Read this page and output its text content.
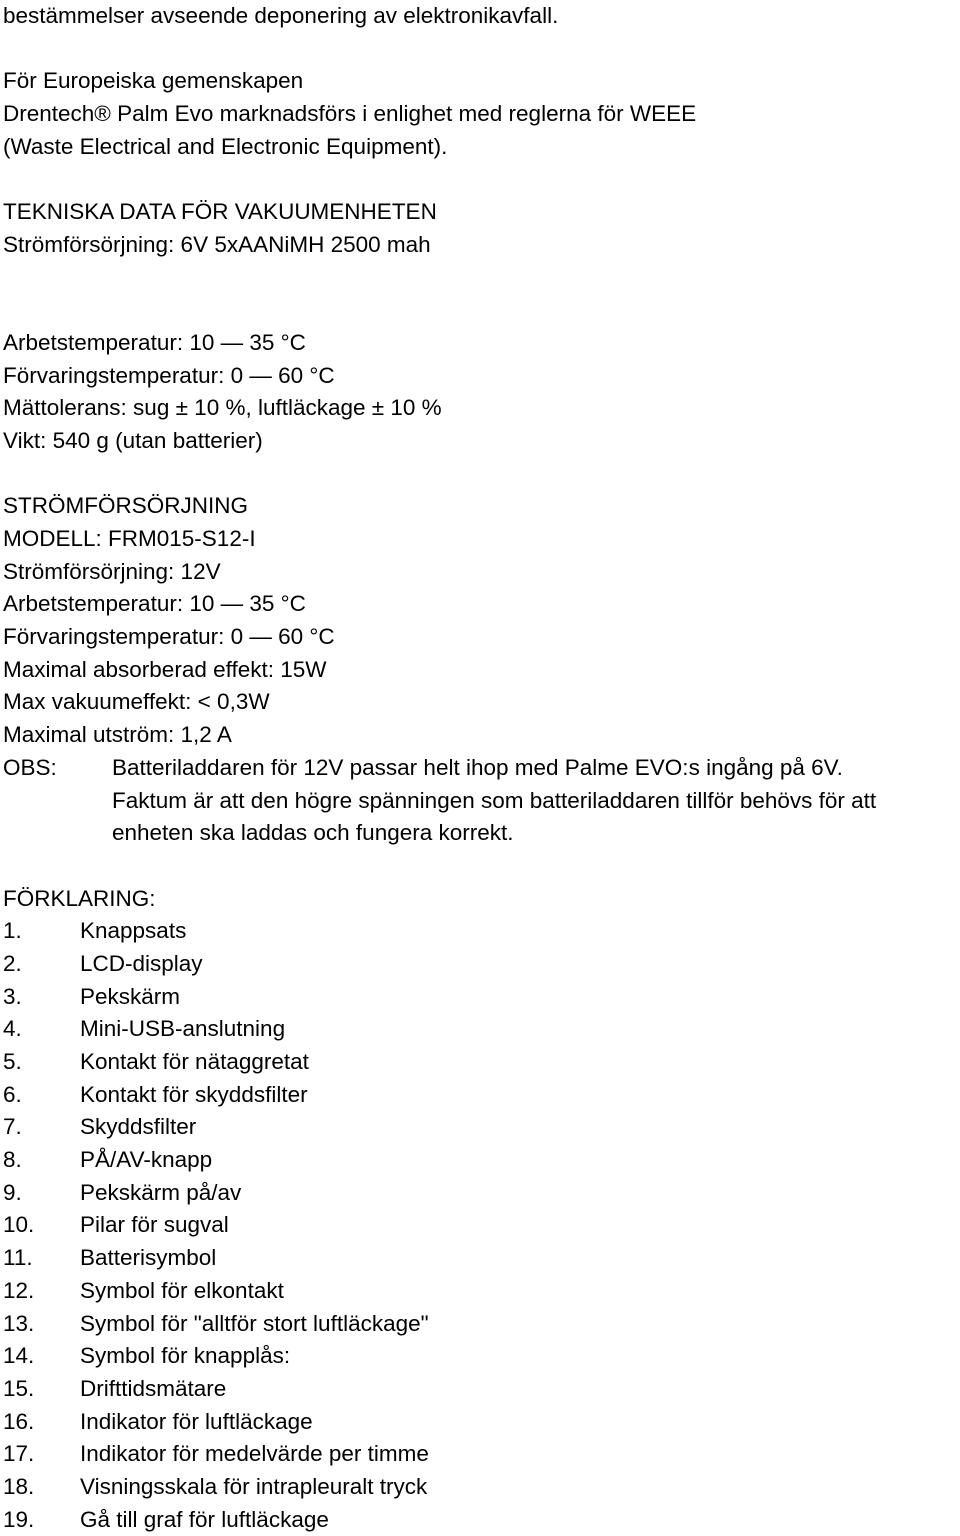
bestämmelser avseende deponering av elektronikavfall.
För Europeiska gemenskapen
Drentech® Palm Evo marknadsförs i enlighet med reglerna för WEEE
(Waste Electrical and Electronic Equipment).
TEKNISKA DATA FÖR VAKUUMENHETEN
Strömförsörjning: 6V 5xAANiMH 2500 mah
Arbetstemperatur: 10 — 35 °C
Förvaringstemperatur: 0 — 60 °C
Mättolerans: sug ± 10 %, luftläckage ± 10 %
Vikt: 540 g (utan batterier)
STRÖMFÖRSÖRJNING
MODELL: FRM015-S12-I
Strömförsörjning: 12V
Arbetstemperatur: 10 — 35 °C
Förvaringstemperatur: 0 — 60 °C
Maximal absorberad effekt: 15W
Max vakuumeffekt: < 0,3W
Maximal utström: 1,2 A
OBS:	Batteriladdaren för 12V passar helt ihop med Palme EVO:s ingång på 6V.
Faktum är att den högre spänningen som batteriladdaren tillför behövs för att
enheten ska laddas och fungera korrekt.
FÖRKLARING:
1.	Knappsats
2.	LCD-display
3.	Pekskärm
4.	Mini-USB-anslutning
5.	Kontakt för nätaggretat
6.	Kontakt för skyddsfilter
7.	Skyddsfilter
8.	PÅ/AV-knapp
9.	Pekskärm på/av
10.	Pilar för sugval
11.	Batterisymbol
12.	Symbol för elkontakt
13.	Symbol för "alltför stort luftläckage"
14.	Symbol för knapplås:
15.	Drifttidsmätare
16.	Indikator för luftläckage
17.	Indikator för medelvärde per timme
18.	Visningsskala för intrapleuralt tryck
19.	Gå till graf för luftläckage
